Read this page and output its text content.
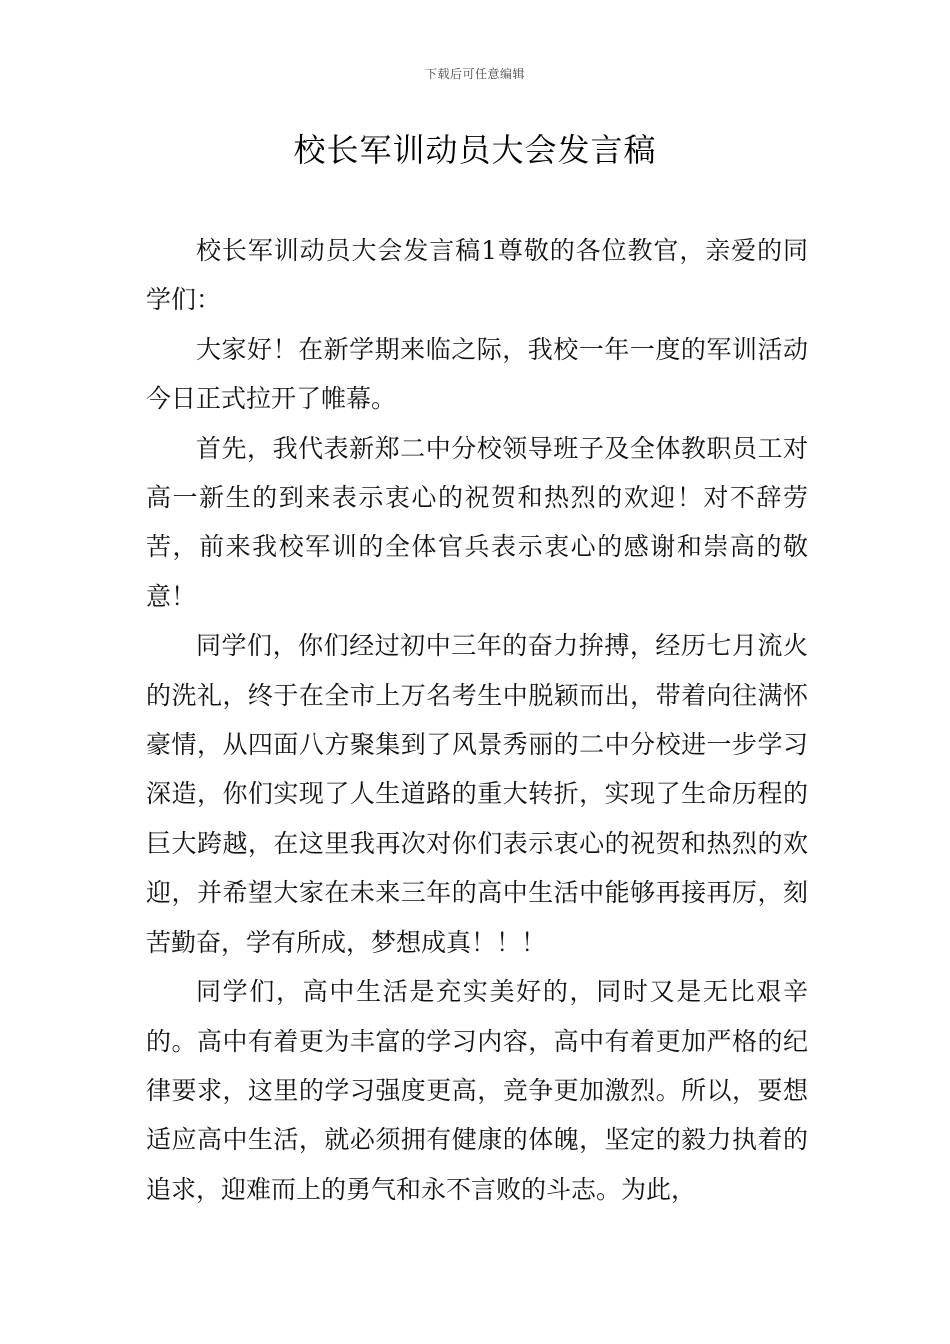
下载后可任意编辑
校长军训动员大会发言稿

校长军训动员大会发言稿1尊敬的各位教官，亲爱的同学们：

大家好！在新学期来临之际，我校一年一度的军训活动今日正式拉开了帷幕。

首先，我代表新郑二中分校领导班子及全体教职员工对高一新生的到来表示衷心的祝贺和热烈的欢迎！对不辞劳苦，前来我校军训的全体官兵表示衷心的感谢和崇高的敬意！

同学们，你们经过初中三年的奋力拚搏，经历七月流火的洗礼，终于在全市上万名考生中脱颖而出，带着向往满怀豪情，从四面八方聚集到了风景秀丽的二中分校进一步学习深造，你们实现了人生道路的重大转折，实现了生命历程的巨大跨越，在这里我再次对你们表示衷心的祝贺和热烈的欢迎，并希望大家在未来三年的高中生活中能够再接再厉，刻苦勤奋，学有所成，梦想成真！！！

同学们，高中生活是充实美好的，同时又是无比艰辛的。高中有着更为丰富的学习内容，高中有着更加严格的纪律要求，这里的学习强度更高，竞争更加激烈。所以，要想适应高中生活，就必须拥有健康的体魄，坚定的毅力执着的追求，迎难而上的勇气和永不言败的斗志。为此，
